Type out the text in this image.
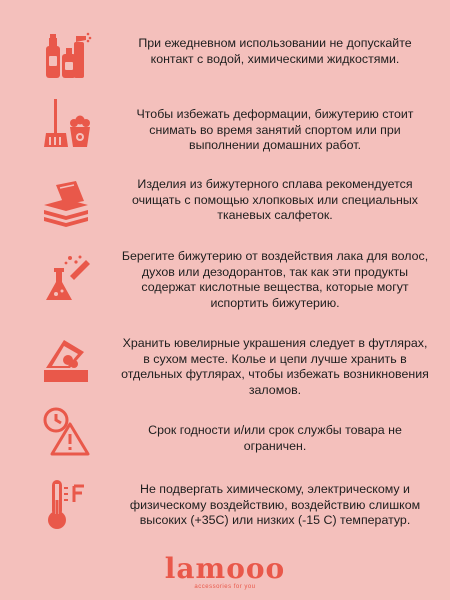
При ежедневном использовании не допускайте контакт с водой, химическими жидкостями.
Чтобы избежать деформации, бижутерию стоит снимать во время занятий спортом или при выполнении домашних работ.
Изделия из бижутерного сплава рекомендуется очищать с помощью хлопковых или специальных тканевых салфеток.
Берегите бижутерию от воздействия лака для волос, духов или дезодорантов, так как эти продукты содержат кислотные вещества, которые могут испортить бижутерию.
Хранить ювелирные украшения следует в футлярах, в сухом месте. Колье и цепи лучше хранить в отдельных футлярах, чтобы избежать возникновения заломов.
Срок годности и/или срок службы товара не ограничен.
Не подвергать химическому, электрическому и физическому воздействию, воздействию слишком высоких (+35С) или низких (-15 С) температур.
lamooo
accessories for you
